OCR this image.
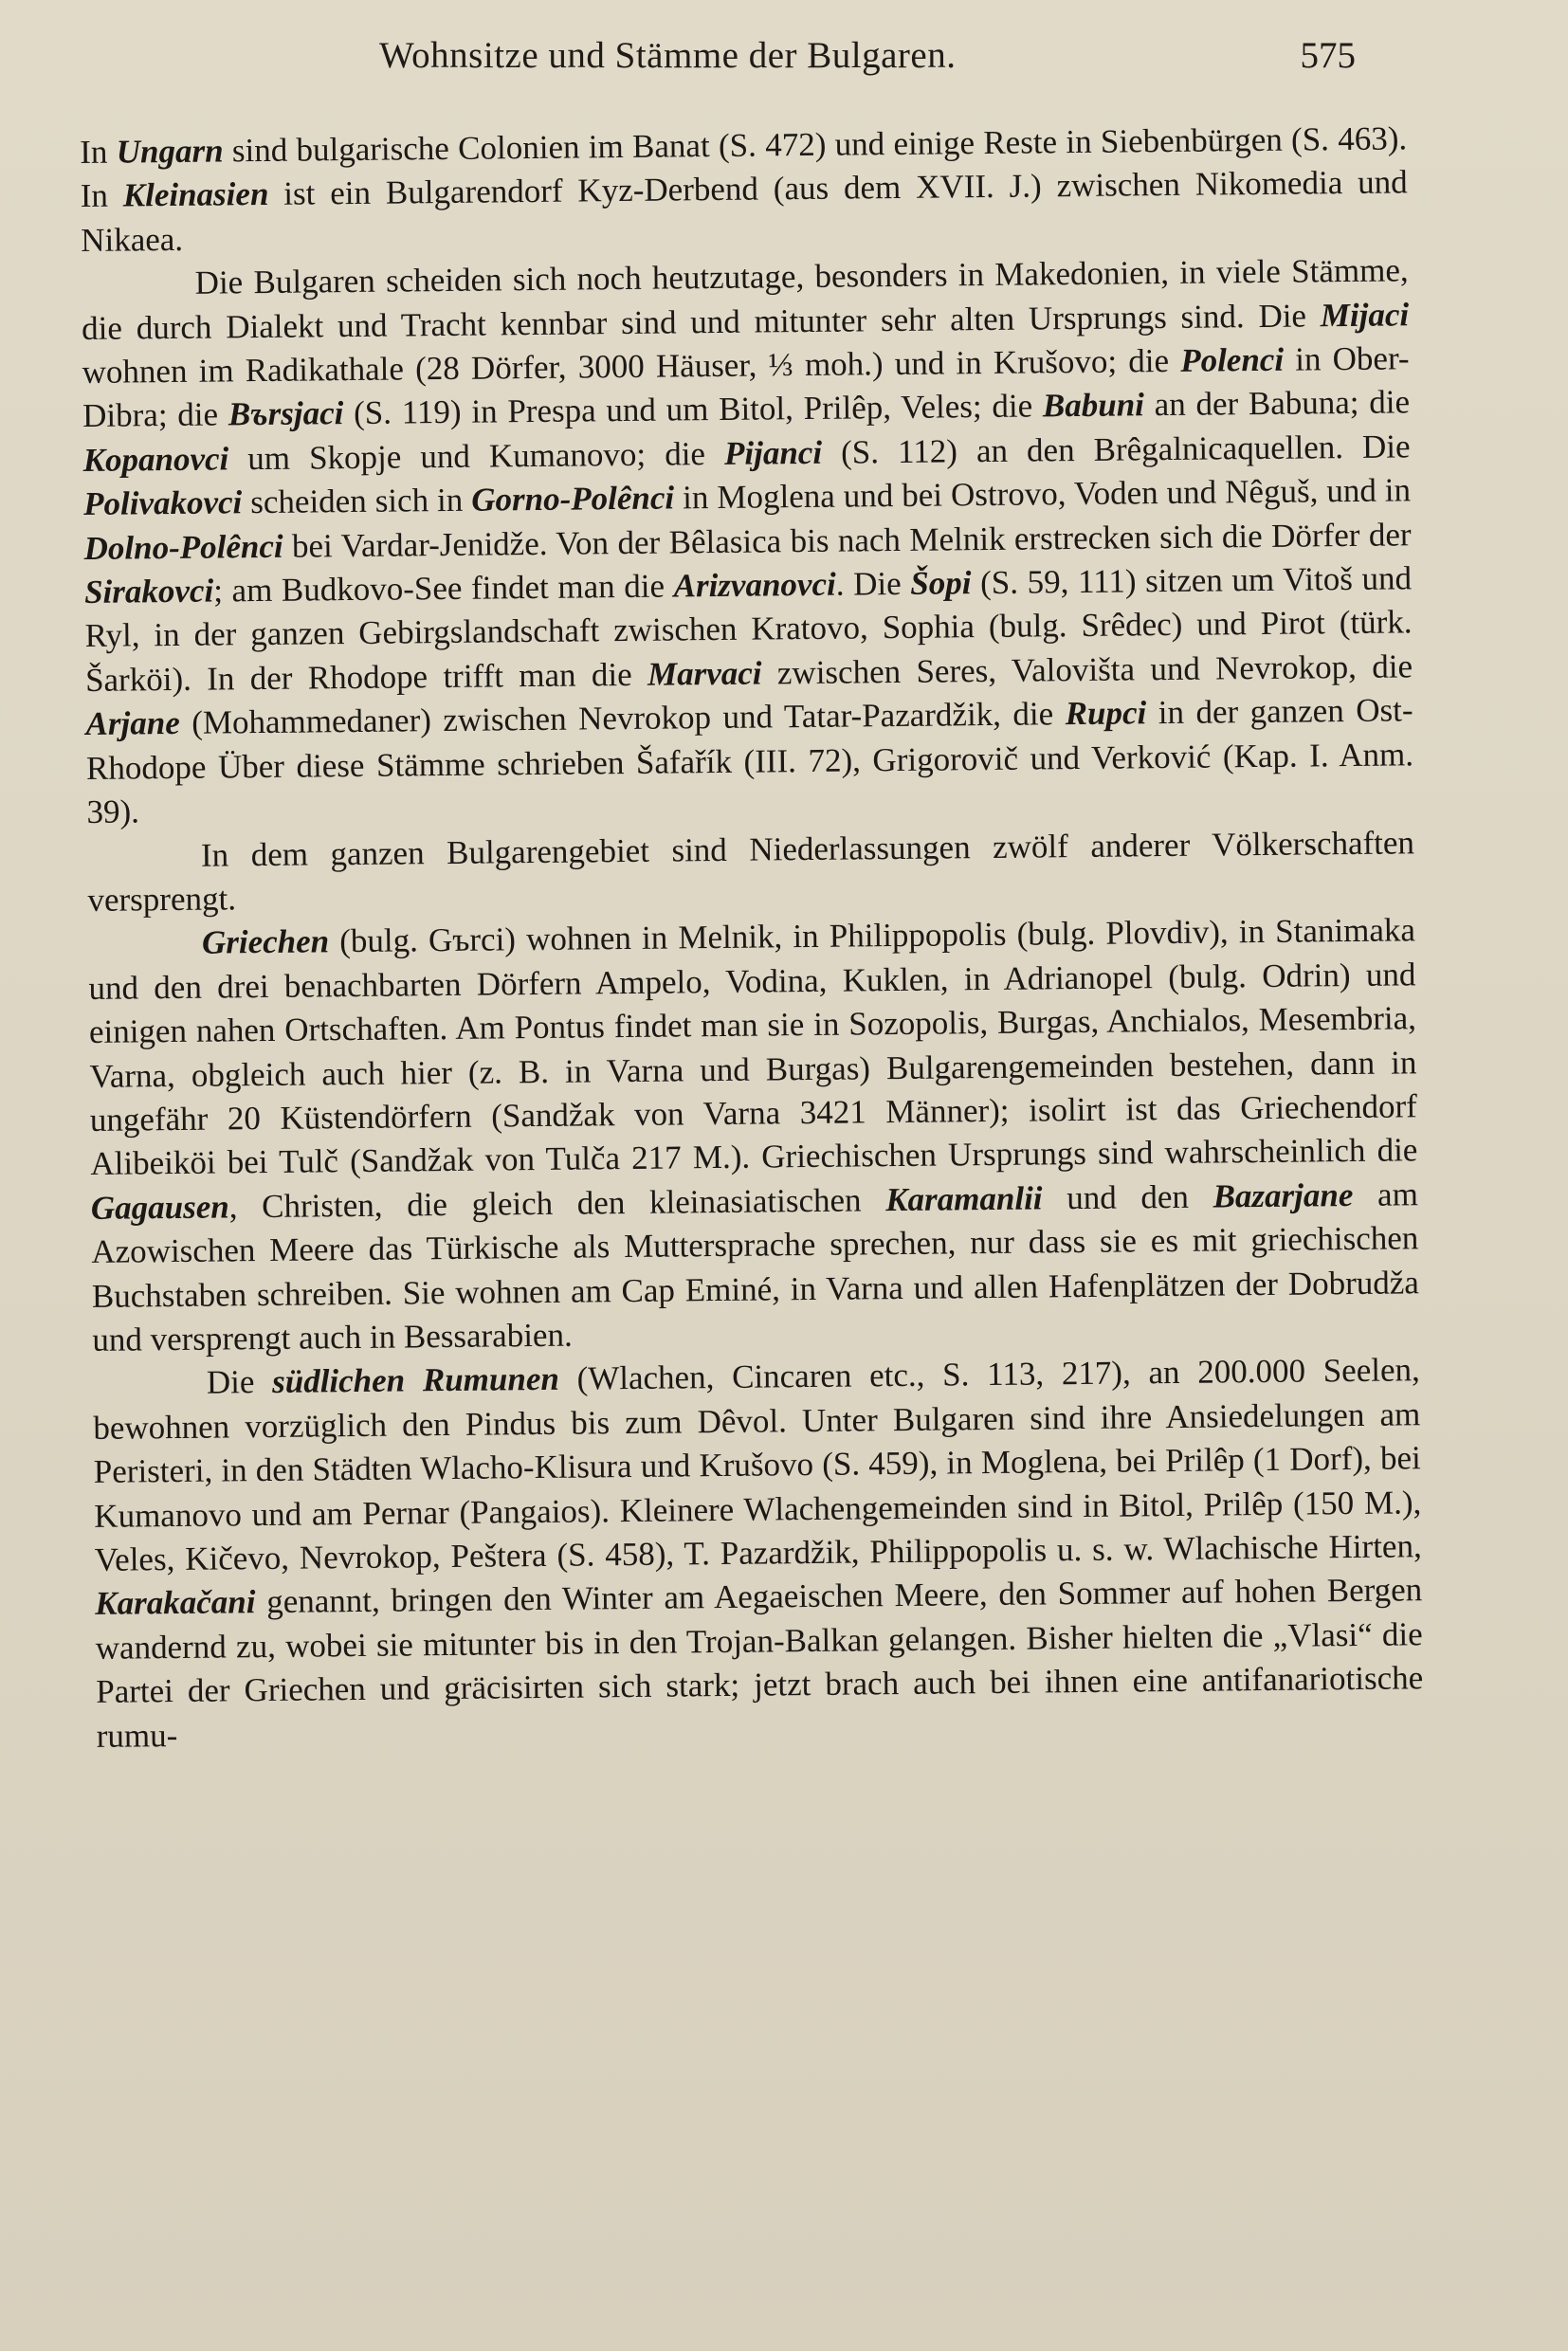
Wohnsitze und Stämme der Bulgaren.	575

In Ungarn sind bulgarische Colonien im Banat (S. 472) und einige Reste in Siebenbürgen (S. 463). In Kleinasien ist ein Bulgarendorf Kyz-Derbend (aus dem XVII. J.) zwischen Nikomedia und Nikaea.

Die Bulgaren scheiden sich noch heutzutage, besonders in Makedonien, in viele Stämme, die durch Dialekt und Tracht kennbar sind und mitunter sehr alten Ursprungs sind. Die Mijaci wohnen im Radikathale (28 Dörfer, 3000 Häuser, ⅓ moh.) und in Krušovo; die Polenci in Ober-Dibra; die Bъrsjaci (S. 119) in Prespa und um Bitol, Prilêp, Veles; die Babuni an der Babuna; die Kopanovci um Skopje und Kumanovo; die Pijanci (S. 112) an den Brêgalnicaquellen. Die Polivakovci scheiden sich in Gorno-Polênci in Moglena und bei Ostrovo, Voden und Nêguš, und in Dolno-Polênci bei Vardar-Jenidže. Von der Bêlasica bis nach Melnik erstrecken sich die Dörfer der Sirakovci; am Budkovo-See findet man die Arizvanovci. Die Šopi (S. 59, 111) sitzen um Vitoš und Ryl, in der ganzen Gebirgslandschaft zwischen Kratovo, Sophia (bulg. Srêdec) und Pirot (türk. Šarköi). In der Rhodope trifft man die Marvaci zwischen Seres, Valovišta und Nevrokop, die Arjane (Mohammedaner) zwischen Nevrokop und Tatar-Pazardžik, die Rupci in der ganzen Ost-Rhodope Über diese Stämme schrieben Šafařík (III. 72), Grigorovič und Verković (Kap. I. Anm. 39).

In dem ganzen Bulgarengebiet sind Niederlassungen zwölf anderer Völkerschaften versprengt.

Griechen (bulg. Gъrci) wohnen in Melnik, in Philippopolis (bulg. Plovdiv), in Stanimaka und den drei benachbarten Dörfern Ampelo, Vodina, Kuklen, in Adrianopel (bulg. Odrin) und einigen nahen Ortschaften. Am Pontus findet man sie in Sozopolis, Burgas, Anchialos, Mesembria, Varna, obgleich auch hier (z. B. in Varna und Burgas) Bulgarengemeinden bestehen, dann in ungefähr 20 Küstendörfern (Sandžak von Varna 3421 Männer); isolirt ist das Griechendorf Alibeiköi bei Tulč (Sandžak von Tulča 217 M.). Griechischen Ursprungs sind wahrscheinlich die Gagausen, Christen, die gleich den kleinasiatischen Karamanlii und den Bazarjane am Azowischen Meere das Türkische als Muttersprache sprechen, nur dass sie es mit griechischen Buchstaben schreiben. Sie wohnen am Cap Eminé, in Varna und allen Hafenplätzen der Dobrudža und versprengt auch in Bessarabien.

Die südlichen Rumunen (Wlachen, Cincaren etc., S. 113, 217), an 200.000 Seelen, bewohnen vorzüglich den Pindus bis zum Dêvol. Unter Bulgaren sind ihre Ansiedelungen am Peristeri, in den Städten Wlacho-Klisura und Krušovo (S. 459), in Moglena, bei Prilêp (1 Dorf), bei Kumanovo und am Pernar (Pangaios). Kleinere Wlachengemeinden sind in Bitol, Prilêp (150 M.), Veles, Kičevo, Nevrokop, Peštera (S. 458), T. Pazardžik, Philippopolis u. s. w. Wlachische Hirten, Karakačani genannt, bringen den Winter am Aegaeischen Meere, den Sommer auf hohen Bergen wandernd zu, wobei sie mitunter bis in den Trojan-Balkan gelangen. Bisher hielten die „Vlasi“ die Partei der Griechen und gräcisirten sich stark; jetzt brach auch bei ihnen eine antifanariotische rumu-
